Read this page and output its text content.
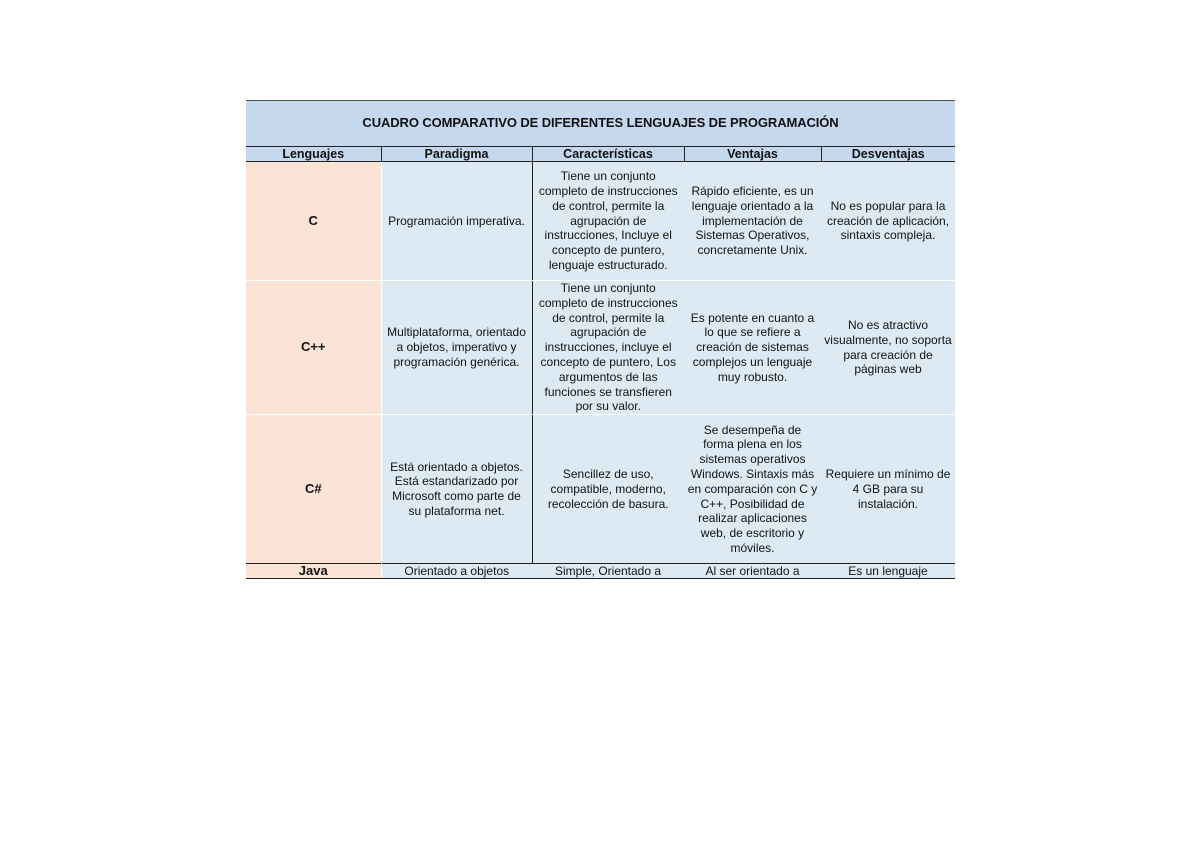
CUADRO COMPARATIVO DE DIFERENTES LENGUAJES DE PROGRAMACIÓN				
Lenguajes	Paradigma	Características	Ventajas	Desventajas
C	Programación imperativa.	Tiene un conjunto completo de instrucciones de control, permite la agrupación de instrucciones, Incluye el concepto de puntero, lenguaje estructurado.	Rápido eficiente, es un lenguaje orientado a la implementación de Sistemas Operativos, concretamente Unix.	No es popular para la creación de aplicación, sintaxis compleja.
C++	Multiplataforma, orientado a objetos, imperativo y programación genérica.	Tiene un conjunto completo de instrucciones de control, permite la agrupación de instrucciones, incluye el concepto de puntero, Los argumentos de las funciones se transfieren por su valor.	Es potente en cuanto a lo que se refiere a creación de sistemas complejos un lenguaje muy robusto.	No es atractivo visualmente, no soporta para creación de páginas web
C#	Está orientado a objetos. Está estandarizado por Microsoft como parte de su plataforma net.	Sencillez de uso, compatible, moderno, recolección de basura.	Se desempeña de forma plena en los sistemas operativos Windows. Sintaxis más en comparación con C y C++, Posibilidad de realizar aplicaciones web, de escritorio y móviles.	Requiere un mínimo de 4 GB para su instalación.
Java	Orientado a objetos	Simple, Orientado a	Al ser orientado a	Es un lenguaje
